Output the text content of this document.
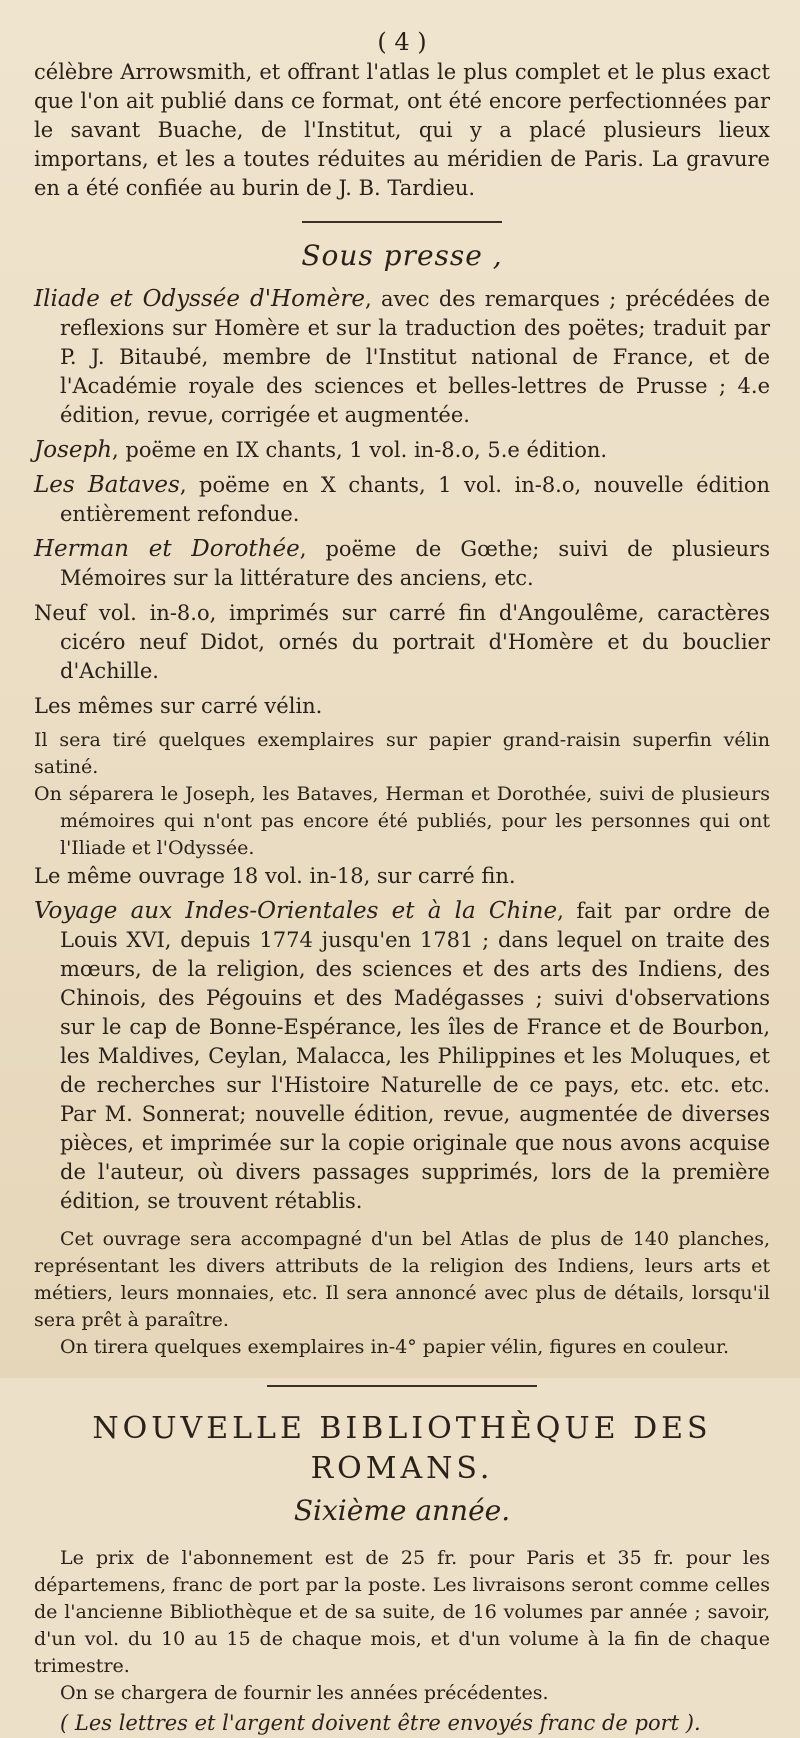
( 4 )
célèbre Arrowsmith, et offrant l'atlas le plus complet et le plus exact que l'on ait publié dans ce format, ont été encore perfectionnées par le savant Buache, de l'Institut, qui y a placé plusieurs lieux importans, et les a toutes réduites au méridien de Paris. La gravure en a été confiée au burin de J. B. Tardieu.
Sous presse ,
Iliade et Odyssée d'Homère, avec des remarques ; précédées de reflexions sur Homère et sur la traduction des poëtes; traduit par P. J. Bitaubé, membre de l'Institut national de France, et de l'Académie royale des sciences et belles-lettres de Prusse ; 4.e édition, revue, corrigée et augmentée.
Joseph, poëme en IX chants, 1 vol. in-8.o, 5.e édition.
Les Bataves, poëme en X chants, 1 vol. in-8.o, nouvelle édition entièrement refondue.
Herman et Dorothée, poëme de Gœthe; suivi de plusieurs Mémoires sur la littérature des anciens, etc.
Neuf vol. in-8.o, imprimés sur carré fin d'Angoulême, caractères cicéro neuf Didot, ornés du portrait d'Homère et du bouclier d'Achille.
Les mêmes sur carré vélin.
Il sera tiré quelques exemplaires sur papier grand-raisin superfin vélin satiné.
On séparera le Joseph, les Bataves, Herman et Dorothée, suivi de plusieurs mémoires qui n'ont pas encore été publiés, pour les personnes qui ont l'Iliade et l'Odyssée.
Le même ouvrage 18 vol. in-18, sur carré fin.
Voyage aux Indes-Orientales et à la Chine, fait par ordre de Louis XVI, depuis 1774 jusqu'en 1781 ; dans lequel on traite des mœurs, de la religion, des sciences et des arts des Indiens, des Chinois, des Pégouins et des Madégasses ; suivi d'observations sur le cap de Bonne-Espérance, les îles de France et de Bourbon, les Maldives, Ceylan, Malacca, les Philippines et les Moluques, et de recherches sur l'Histoire Naturelle de ce pays, etc. etc. etc. Par M. Sonnerat; nouvelle édition, revue, augmentée de diverses pièces, et imprimée sur la copie originale que nous avons acquise de l'auteur, où divers passages supprimés, lors de la première édition, se trouvent rétablis.
Cet ouvrage sera accompagné d'un bel Atlas de plus de 140 planches, représentant les divers attributs de la religion des Indiens, leurs arts et métiers, leurs monnaies, etc. Il sera annoncé avec plus de détails, lorsqu'il sera prêt à paraître.
On tirera quelques exemplaires in-4° papier vélin, figures en couleur.
NOUVELLE BIBLIOTHÈQUE DES ROMANS.
Sixième année.
Le prix de l'abonnement est de 25 fr. pour Paris et 35 fr. pour les départemens, franc de port par la poste. Les livraisons seront comme celles de l'ancienne Bibliothèque et de sa suite, de 16 volumes par année ; savoir, d'un vol. du 10 au 15 de chaque mois, et d'un volume à la fin de chaque trimestre.
On se chargera de fournir les années précédentes.
( Les lettres et l'argent doivent être envoyés franc de port ).
